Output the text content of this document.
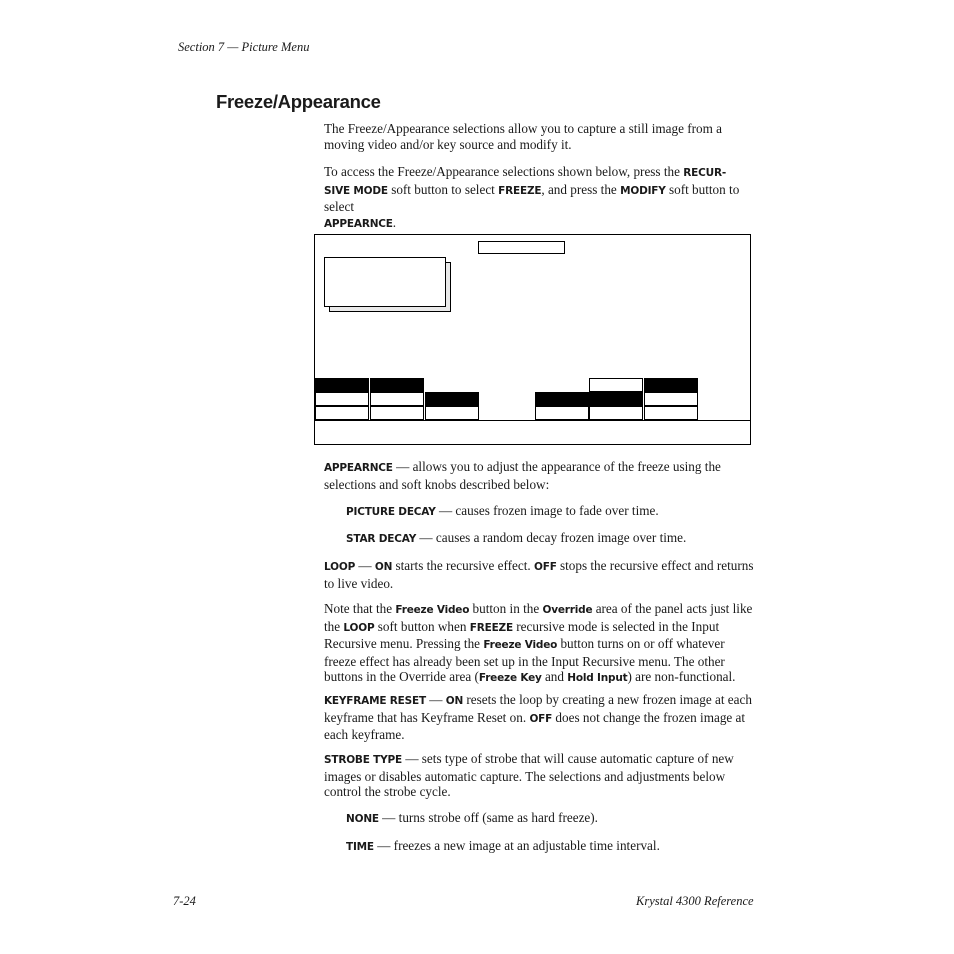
Section 7 — Picture Menu
Freeze/Appearance

The Freeze/Appearance selections allow you to capture a still image from a moving video and/or key source and modify it.

To access the Freeze/Appearance selections shown below, press the RECUR-
SIVE MODE soft button to select FREEZE, and press the MODIFY soft button to select
APPEARNCE.

APPEARNCE — allows you to adjust the appearance of the freeze using the selections and soft knobs described below:

PICTURE DECAY — causes frozen image to fade over time.

STAR DECAY — causes a random decay frozen image over time.

LOOP — ON starts the recursive effect. OFF stops the recursive effect and returns to live video.

Note that the Freeze Video button in the Override area of the panel acts just like the LOOP soft button when FREEZE recursive mode is selected in the Input Recursive menu. Pressing the Freeze Video button turns on or off whatever freeze effect has already been set up in the Input Recursive menu. The other buttons in the Override area (Freeze Key and Hold Input) are non-functional.

KEYFRAME RESET — ON resets the loop by creating a new frozen image at each keyframe that has Keyframe Reset on. OFF does not change the frozen image at each keyframe.

STROBE TYPE — sets type of strobe that will cause automatic capture of new images or disables automatic capture. The selections and adjustments below control the strobe cycle.

NONE — turns strobe off (same as hard freeze).

TIME — freezes a new image at an adjustable time interval.

7-24	Krystal 4300 Reference
